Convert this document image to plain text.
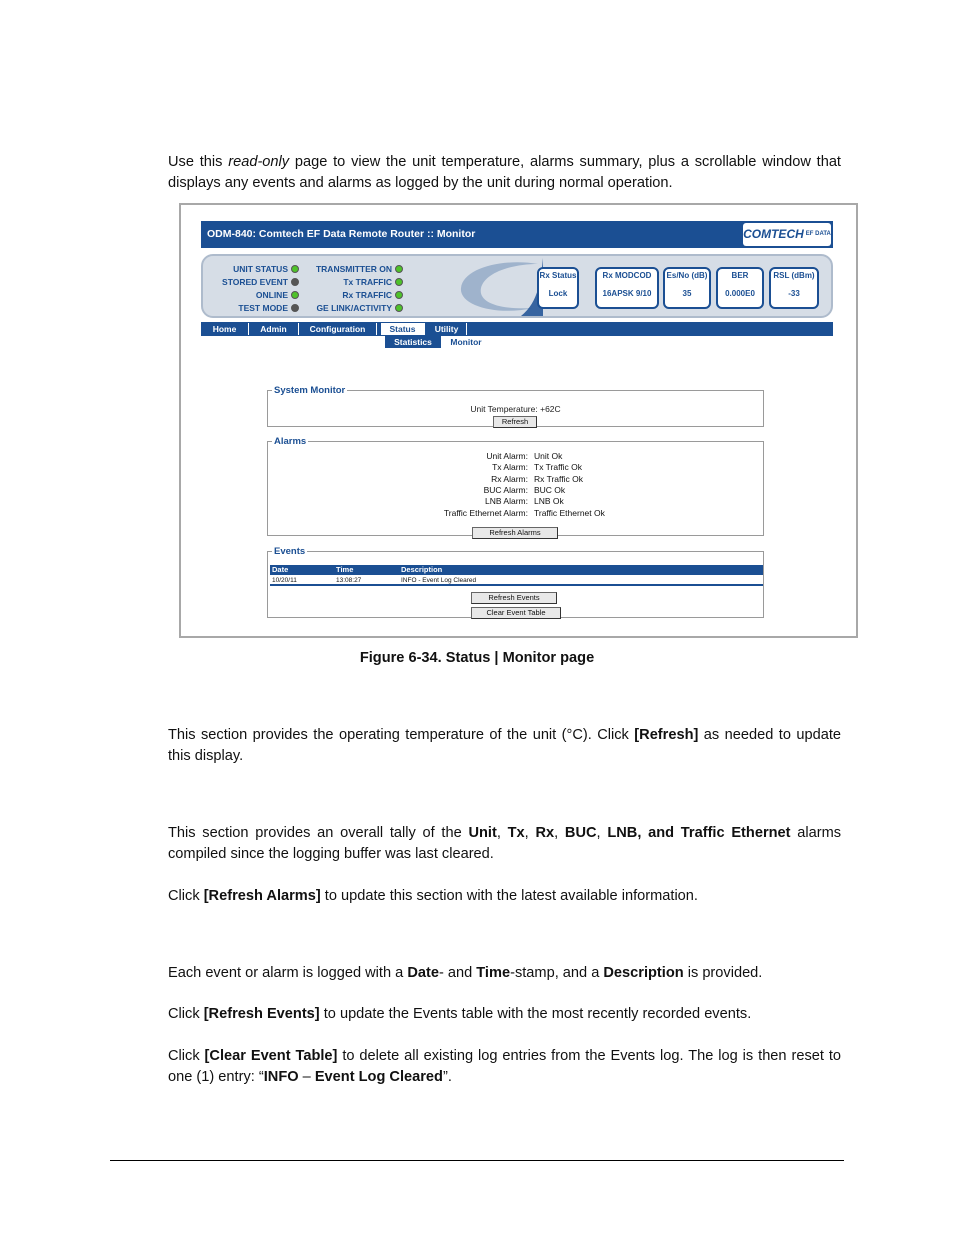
Use this read-only page to view the unit temperature, alarms summary, plus a scrollable window that displays any events and alarms as logged by the unit during normal operation.
ODM-840: Comtech EF Data Remote Router :: Monitor	COMTECH EF DATA
UNIT STATUS
STORED EVENT
ONLINE
TEST MODE
TRANSMITTER ON
Tx TRAFFIC
Rx TRAFFIC
GE LINK/ACTIVITY
Rx Status
Lock
Rx MODCOD
16APSK 9/10
Es/No (dB)
35
BER
0.000E0
RSL (dBm)
-33
Home	Admin	Configuration	Status	Utility
Statistics	Monitor
System Monitor
Unit Temperature: +62C
Refresh
Alarms
Unit Alarm: Unit Ok
Tx Alarm: Tx Traffic Ok
Rx Alarm: Rx Traffic Ok
BUC Alarm: BUC Ok
LNB Alarm: LNB Ok
Traffic Ethernet Alarm: Traffic Ethernet Ok
Refresh Alarms
Events
Date	Time	Description
10/20/11	13:08:27	INFO - Event Log Cleared
Refresh Events
Clear Event Table
Figure 6-34. Status | Monitor page
This section provides the operating temperature of the unit (°C). Click [Refresh] as needed to update this display.
This section provides an overall tally of the Unit, Tx, Rx, BUC, LNB, and Traffic Ethernet alarms compiled since the logging buffer was last cleared.
Click [Refresh Alarms] to update this section with the latest available information.
Each event or alarm is logged with a Date- and Time-stamp, and a Description is provided.
Click [Refresh Events] to update the Events table with the most recently recorded events.
Click [Clear Event Table] to delete all existing log entries from the Events log. The log is then reset to one (1) entry: “INFO – Event Log Cleared”.
